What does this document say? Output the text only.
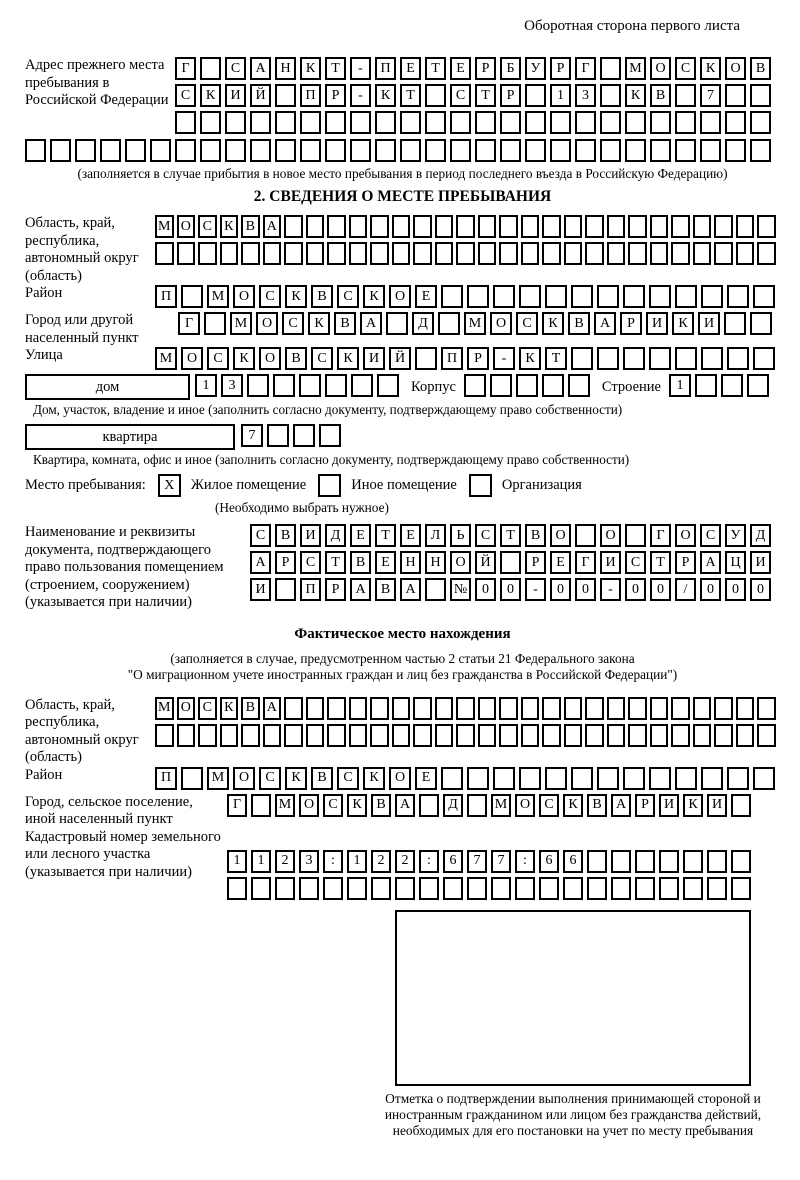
Оборотная сторона первого листа
Адрес прежнего места пребывания в Российской Федерации
Г	С	А	Н	К	Т	-	П	Е	Т	Е	Р	Б	У	Р	Г	М О	С	К	О	В
С	К	И	Й	П	Р	-	К	Т	С	Т	Р	1	3	К	В	7
(заполняется в случае прибытия в новое место пребывания в период последнего въезда в Российскую Федерацию)
2. СВЕДЕНИЯ О МЕСТЕ ПРЕБЫВАНИЯ
Область, край, республика, автономный округ (область)
М О С К В А
Район	П	М	О	С	К	В	С	К	О	Е
Город или другой населенный пункт
Г	М	О	С	К	В	А	Д	М	О	С	К	В	А	Р	И	К	И
Улица	М	О	С	К	О	В	С	К	И	Й	П	Р	-	К	Т
дом	1	3	Корпус	Строение	1
Дом, участок, владение и иное (заполнить согласно документу, подтверждающему право собственности)
квартира	7
Квартира, комната, офис и иное (заполнить согласно документу, подтверждающему право собственности)
Место пребывания:	X	Жилое помещение	Иное помещение	Организация
(Необходимо выбрать нужное)
Наименование и реквизиты документа, подтверждающего право пользования помещением (строением, сооружением) (указывается при наличии)
С	В	И	Д	Е	Т	Е	Л	Ь	С	Т	В	О	О	Г	О	С	У	Д
А	Р	С	Т	В	Е	Н	Н	О	Й	Р	Е	Г	И	С	Т	Р	А	Ц	И
И	П	Р	А	В	А	№	0	0	-	0	0	-	0	0	/	0	0	0
Фактическое место нахождения
(заполняется в случае, предусмотренном частью 2 статьи 21 Федерального закона
"О миграционном учете иностранных граждан и лиц без гражданства в Российской Федерации")
Область, край, республика, автономный округ (область)
М О С К В А
Район	П	М	О	С	К	В	С	К	О	Е
Город, сельское поселение, иной населенный пункт
Г	М О	С	К	В	А	Д	М О	С	К	В	А	Р	И	К	И
Кадастровый номер земельного или лесного участка (указывается при наличии)
1	1	2	3	:	1	2	2	:	6	7	7	:	6	6
Отметка о подтверждении выполнения принимающей стороной и иностранным гражданином или лицом без гражданства действий, необходимых для его постановки на учет по месту пребывания
